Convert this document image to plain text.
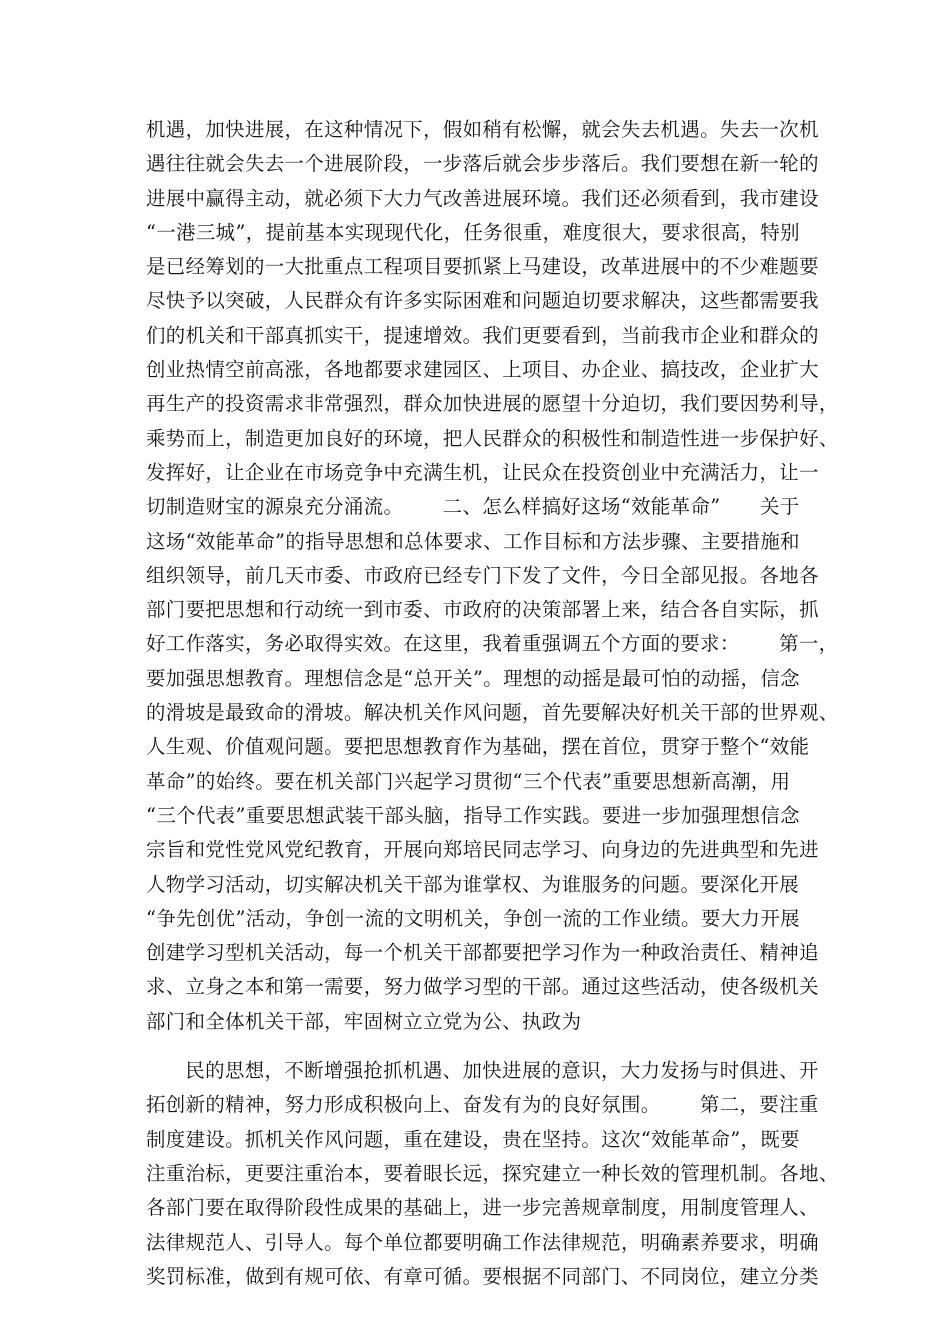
机遇，加快进展，在这种情况下，假如稍有松懈，就会失去机遇。失去一次机
遇往往就会失去一个进展阶段，一步落后就会步步落后。我们要想在新一轮的
进展中赢得主动，就必须下大力气改善进展环境。我们还必须看到，我市建设
“一港三城”，提前基本实现现代化，任务很重，难度很大，要求很高，特别
是已经筹划的一大批重点工程项目要抓紧上马建设，改革进展中的不少难题要
尽快予以突破，人民群众有许多实际困难和问题迫切要求解决，这些都需要我
们的机关和干部真抓实干，提速增效。我们更要看到，当前我市企业和群众的
创业热情空前高涨，各地都要求建园区、上项目、办企业、搞技改，企业扩大
再生产的投资需求非常强烈，群众加快进展的愿望十分迫切，我们要因势利导，
乘势而上，制造更加良好的环境，把人民群众的积极性和制造性进一步保护好、
发挥好，让企业在市场竞争中充满生机，让民众在投资创业中充满活力，让一
切制造财宝的源泉充分涌流。      二、怎么样搞好这场“效能革命”      关于
这场“效能革命”的指导思想和总体要求、工作目标和方法步骤、主要措施和
组织领导，前几天市委、市政府已经专门下发了文件，今日全部见报。各地各
部门要把思想和行动统一到市委、市政府的决策部署上来，结合各自实际，抓
好工作落实，务必取得实效。在这里，我着重强调五个方面的要求：      第一，
要加强思想教育。理想信念是“总开关”。理想的动摇是最可怕的动摇，信念
的滑坡是最致命的滑坡。解决机关作风问题，首先要解决好机关干部的世界观、
人生观、价值观问题。要把思想教育作为基础，摆在首位，贯穿于整个“效能
革命”的始终。要在机关部门兴起学习贯彻“三个代表”重要思想新高潮，用
“三个代表”重要思想武装干部头脑，指导工作实践。要进一步加强理想信念
宗旨和党性党风党纪教育，开展向郑培民同志学习、向身边的先进典型和先进
人物学习活动，切实解决机关干部为谁掌权、为谁服务的问题。要深化开展
“争先创优”活动，争创一流的文明机关，争创一流的工作业绩。要大力开展
创建学习型机关活动，每一个机关干部都要把学习作为一种政治责任、精神追
求、立身之本和第一需要，努力做学习型的干部。通过这些活动，使各级机关
部门和全体机关干部，牢固树立立党为公、执政为
民的思想，不断增强抢抓机遇、加快进展的意识，大力发扬与时俱进、开
拓创新的精神，努力形成积极向上、奋发有为的良好氛围。      第二，要注重
制度建设。抓机关作风问题，重在建设，贵在坚持。这次“效能革命”，既要
注重治标，更要注重治本，要着眼长远，探究建立一种长效的管理机制。各地、
各部门要在取得阶段性成果的基础上，进一步完善规章制度，用制度管理人、
法律规范人、引导人。每个单位都要明确工作法律规范，明确素养要求，明确
奖罚标准，做到有规可依、有章可循。要根据不同部门、不同岗位，建立分类
